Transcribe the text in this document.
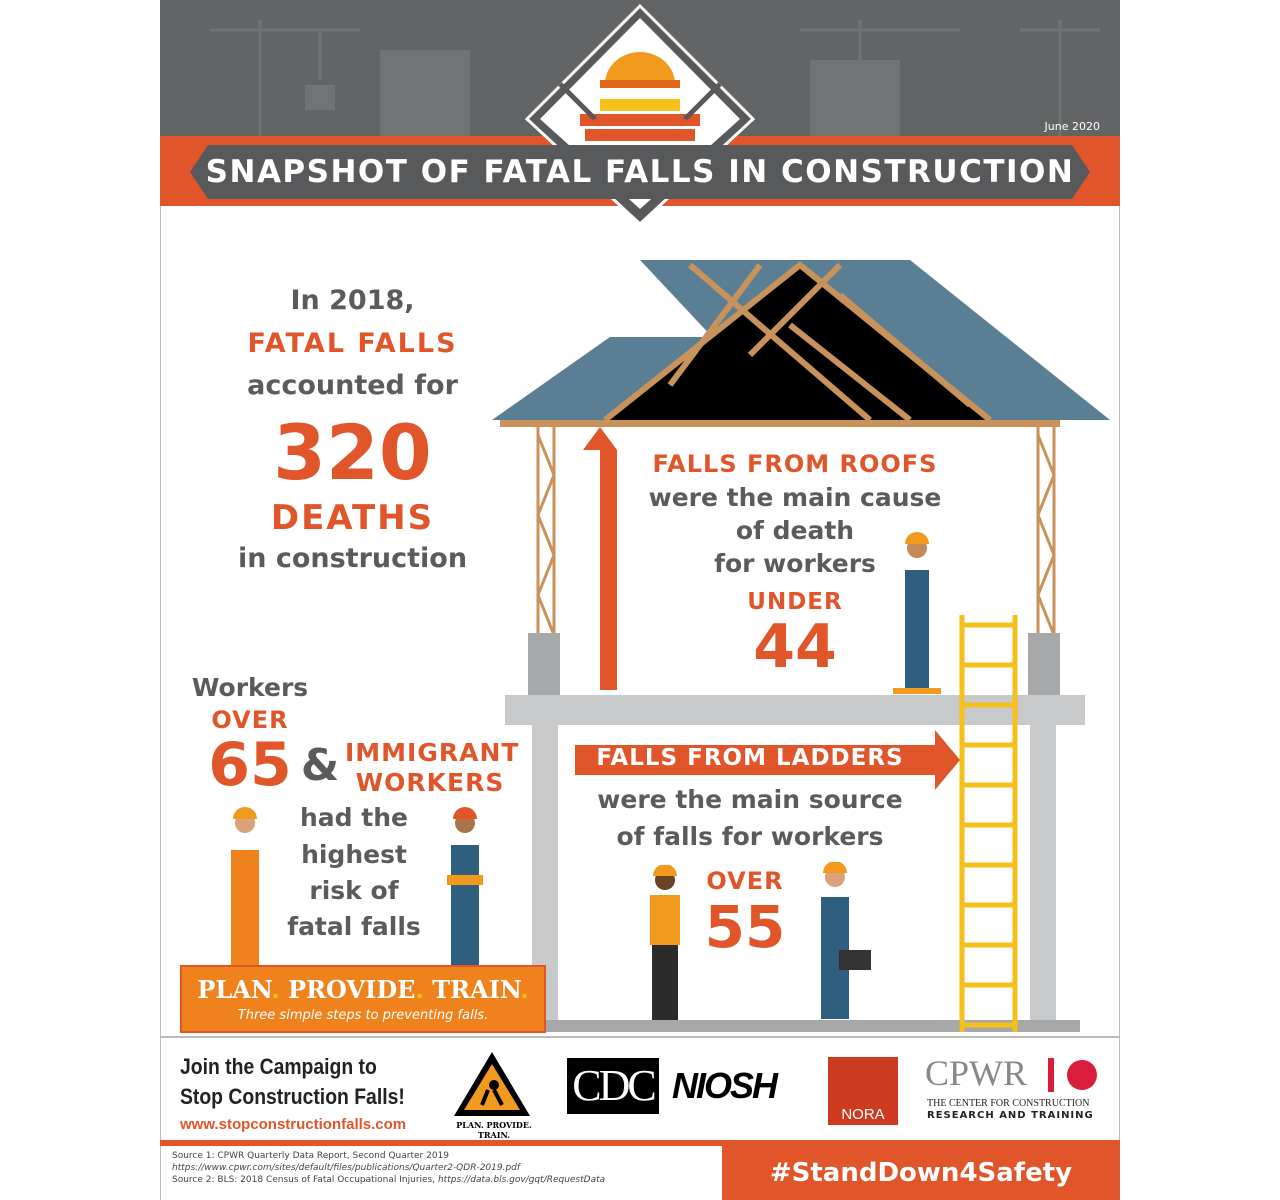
SNAPSHOT OF FATAL FALLS IN CONSTRUCTION
June 2020
In 2018,
FATAL FALLS
accounted for
320
DEATHS
in construction
FALLS FROM ROOFS
were the main cause
of death
for workers
UNDER
44
FALLS FROM LADDERS
were the main source
of falls for workers
OVER
55
Workers
OVER
65 & IMMIGRANT
WORKERS
had the
highest
risk of
fatal falls
PLAN. PROVIDE. TRAIN.
Three simple steps to preventing falls.
Join the Campaign to
Stop Construction Falls!
www.stopconstructionfalls.com	PLAN. PROVIDE. TRAIN.
CDC NIOSH
NORA
CPWR
THE CENTER FOR CONSTRUCTION
RESEARCH AND TRAINING
Source 1: CPWR Quarterly Data Report, Second Quarter 2019
https://www.cpwr.com/sites/default/files/publications/Quarter2-QDR-2019.pdf
Source 2: BLS: 2018 Census of Fatal Occupational Injuries, https://data.bls.gov/gqt/RequestData	#StandDown4Safety
